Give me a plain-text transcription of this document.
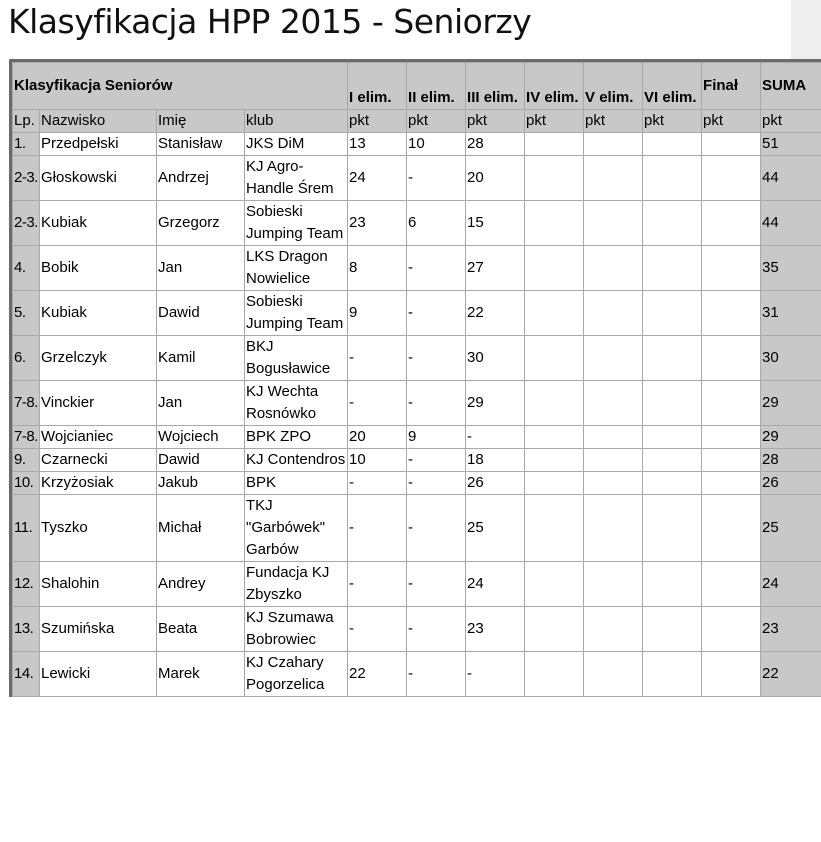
Klasyfikacja HPP 2015 - Seniorzy
Klasyfikacja Seniorów				I elim.	II elim.	III elim.	IV elim.	V elim.	VI elim.	Finał	SUMA
Lp.	Nazwisko	Imię	klub	pkt	pkt	pkt	pkt	pkt	pkt	pkt	pkt
1.	Przedpełski	Stanisław	JKS DiM	13	10	28					51
2-3.	Głoskowski	Andrzej	KJ Agro-Handle Śrem	24	-	20					44
2-3.	Kubiak	Grzegorz	Sobieski Jumping Team	23	6	15					44
4.	Bobik	Jan	LKS Dragon Nowielice	8	-	27					35
5.	Kubiak	Dawid	Sobieski Jumping Team	9	-	22					31
6.	Grzelczyk	Kamil	BKJ Bogusławice	-	-	30					30
7-8.	Vinckier	Jan	KJ Wechta Rosnówko	-	-	29					29
7-8.	Wojcianiec	Wojciech	BPK ZPO	20	9	-					29
9.	Czarnecki	Dawid	KJ Contendros	10	-	18					28
10.	Krzyżosiak	Jakub	BPK	-	-	26					26
11.	Tyszko	Michał	TKJ "Garbówek" Garbów	-	-	25					25
12.	Shalohin	Andrey	Fundacja KJ Zbyszko	-	-	24					24
13.	Szumińska	Beata	KJ Szumawa Bobrowiec	-	-	23					23
14.	Lewicki	Marek	KJ Czahary Pogorzelica	22	-	-					22
